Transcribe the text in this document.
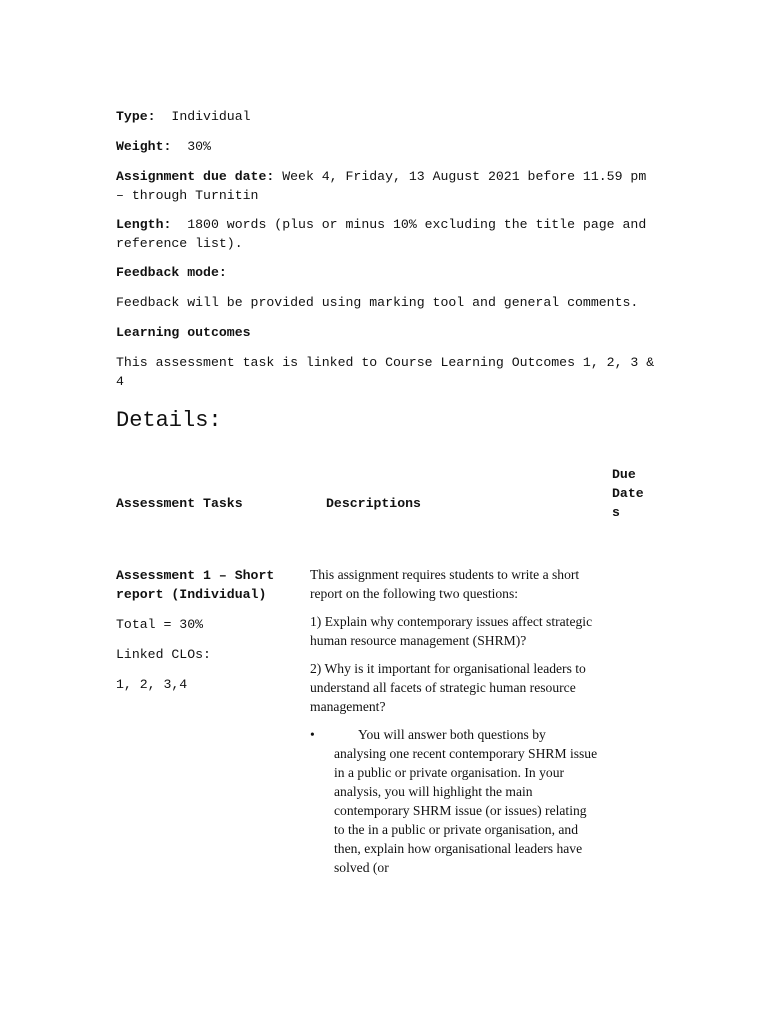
Type: Individual

Weight: 30%

Assignment due date: Week 4, Friday, 13 August 2021 before 11.59 pm – through Turnitin

Length: 1800 words (plus or minus 10% excluding the title page and reference list).

Feedback mode:

Feedback will be provided using marking tool and general comments.

Learning outcomes

This assessment task is linked to Course Learning Outcomes 1, 2, 3 & 4

Details:
Assessment Tasks	Descriptions
Due Dates

Assessment 1 – Short report (Individual)

Total = 30%

Linked CLOs:

1, 2, 3,4

This assignment requires students to write a short report on the following two questions:

1) Explain why contemporary issues affect strategic human resource management (SHRM)?

2) Why is it important for organisational leaders to understand all facets of strategic human resource management?

•	You will answer both questions by analysing one recent contemporary SHRM issue in a public or private organisation. In your analysis, you will highlight the main contemporary SHRM issue (or issues) relating to the in a public or private organisation, and then, explain how organisational leaders have solved (or
